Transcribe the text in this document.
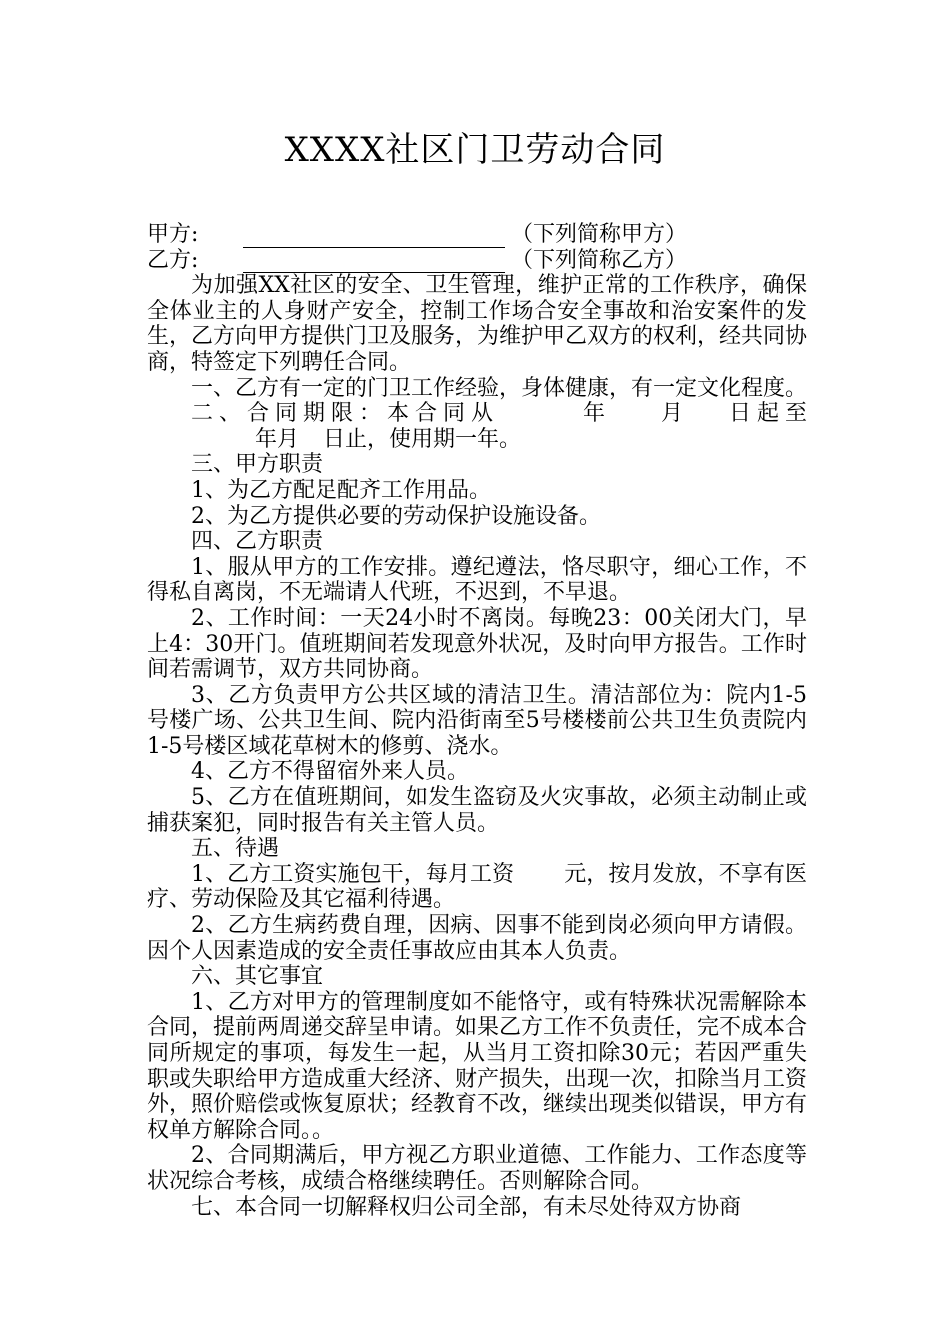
XXXX社区门卫劳动合同
甲方:	（下列简称甲方）
乙方:	（下列简称乙方）

为加强XX社区的安全、卫生管理，维护正常的工作秩序，确保全体业主的人身财产安全，控制工作场合安全事故和治安案件的发生，乙方向甲方提供门卫及服务，为维护甲乙双方的权利，经共同协商，特签定下列聘任合同。

一、乙方有一定的门卫工作经验，身体健康，有一定文化程度。

二、合同期限：本合同从	年 月 日起至年月 日止，使用期一年。

三、甲方职责

1、为乙方配足配齐工作用品。

2、为乙方提供必要的劳动保护设施设备。

四、乙方职责

1、服从甲方的工作安排。遵纪遵法，恪尽职守，细心工作，不得私自离岗，不无端请人代班，不迟到，不早退。

2、工作时间：一天24小时不离岗。每晚23：00关闭大门，早上4：30开门。值班期间若发现意外状况，及时向甲方报告。工作时间若需调节，双方共同协商。

3、乙方负责甲方公共区域的清洁卫生。清洁部位为：院内1-5号楼广场、公共卫生间、院内沿街南至5号楼楼前公共卫生负责院内1-5号楼区域花草树木的修剪、浇水。

4、乙方不得留宿外来人员。

5、乙方在值班期间，如发生盗窃及火灾事故，必须主动制止或捕获案犯，同时报告有关主管人员。

五、待遇

1、乙方工资实施包干，每月工资 元，按月发放，不享有医疗、劳动保险及其它福利待遇。

2、乙方生病药费自理，因病、因事不能到岗必须向甲方请假。因个人因素造成的安全责任事故应由其本人负责。

六、其它事宜

1、乙方对甲方的管理制度如不能恪守，或有特殊状况需解除本合同，提前两周递交辞呈申请。如果乙方工作不负责任，完不成本合同所规定的事项，每发生一起，从当月工资扣除30元；若因严重失职或失职给甲方造成重大经济、财产损失，出现一次，扣除当月工资外，照价赔偿或恢复原状；经教育不改，继续出现类似错误，甲方有权单方解除合同。。

2、合同期满后，甲方视乙方职业道德、工作能力、工作态度等状况综合考核，成绩合格继续聘任。否则解除合同。

七、本合同一切解释权归公司全部，有未尽处待双方协商
